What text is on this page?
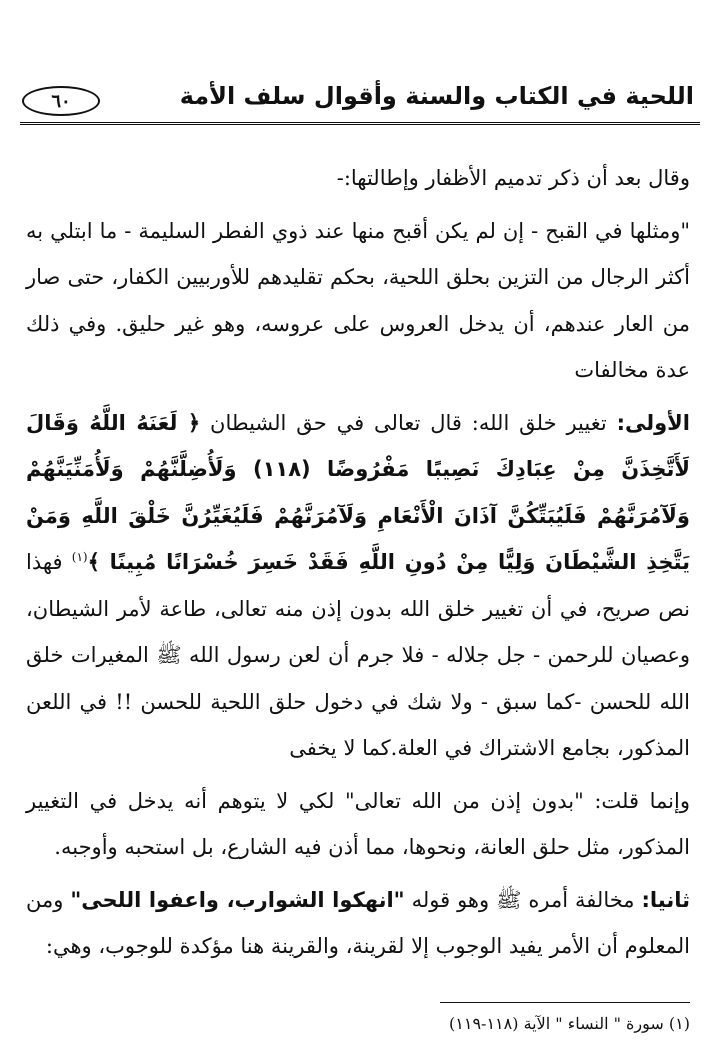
٦٠	اللحية في الكتاب والسنة وأقوال سلف الأمة

وقال بعد أن ذكر تدميم الأظفار وإطالتها:-

"ومثلها في القبح - إن لم يكن أقبح منها عند ذوي الفطر السليمة - ما ابتلي به أكثر الرجال من التزين بحلق اللحية، بحكم تقليدهم للأوربيين الكفار، حتى صار من العار عندهم، أن يدخل العروس على عروسه، وهو غير حليق. وفي ذلك عدة مخالفات

الأولى: تغيير خلق الله: قال تعالى في حق الشيطان ﴿ لَعَنَهُ اللَّهُ وَقَالَ لَأَتَّخِذَنَّ مِنْ عِبَادِكَ نَصِيبًا مَفْرُوضًا (١١٨) وَلَأُضِلَّنَّهُمْ وَلَأُمَنِّيَنَّهُمْ وَلَآمُرَنَّهُمْ فَلَيُبَتِّكُنَّ آذَانَ الْأَنْعَامِ وَلَآمُرَنَّهُمْ فَلَيُغَيِّرُنَّ خَلْقَ اللَّهِ وَمَنْ يَتَّخِذِ الشَّيْطَانَ وَلِيًّا مِنْ دُونِ اللَّهِ فَقَدْ خَسِرَ خُسْرَانًا مُبِينًا ﴾$^{(١)}$ فهذا نص صريح، في أن تغيير خلق الله بدون إذن منه تعالى، طاعة لأمر الشيطان، وعصيان للرحمن - جل جلاله - فلا جرم أن لعن رسول الله ﷺ المغيرات خلق الله للحسن -كما سبق - ولا شك في دخول حلق اللحية للحسن !! في اللعن المذكور، بجامع الاشتراك في العلة.كما لا يخفى

وإنما قلت: "بدون إذن من الله تعالى" لكي لا يتوهم أنه يدخل في التغيير المذكور، مثل حلق العانة، ونحوها، مما أذن فيه الشارع، بل استحبه وأوجبه.

ثانيا: مخالفة أمره ﷺ وهو قوله "انهكوا الشوارب، واعفوا اللحى" ومن المعلوم أن الأمر يفيد الوجوب إلا لقرينة، والقرينة هنا مؤكدة للوجوب، وهي:

(١) سورة " النساء " الآية (١١٨-١١٩)
